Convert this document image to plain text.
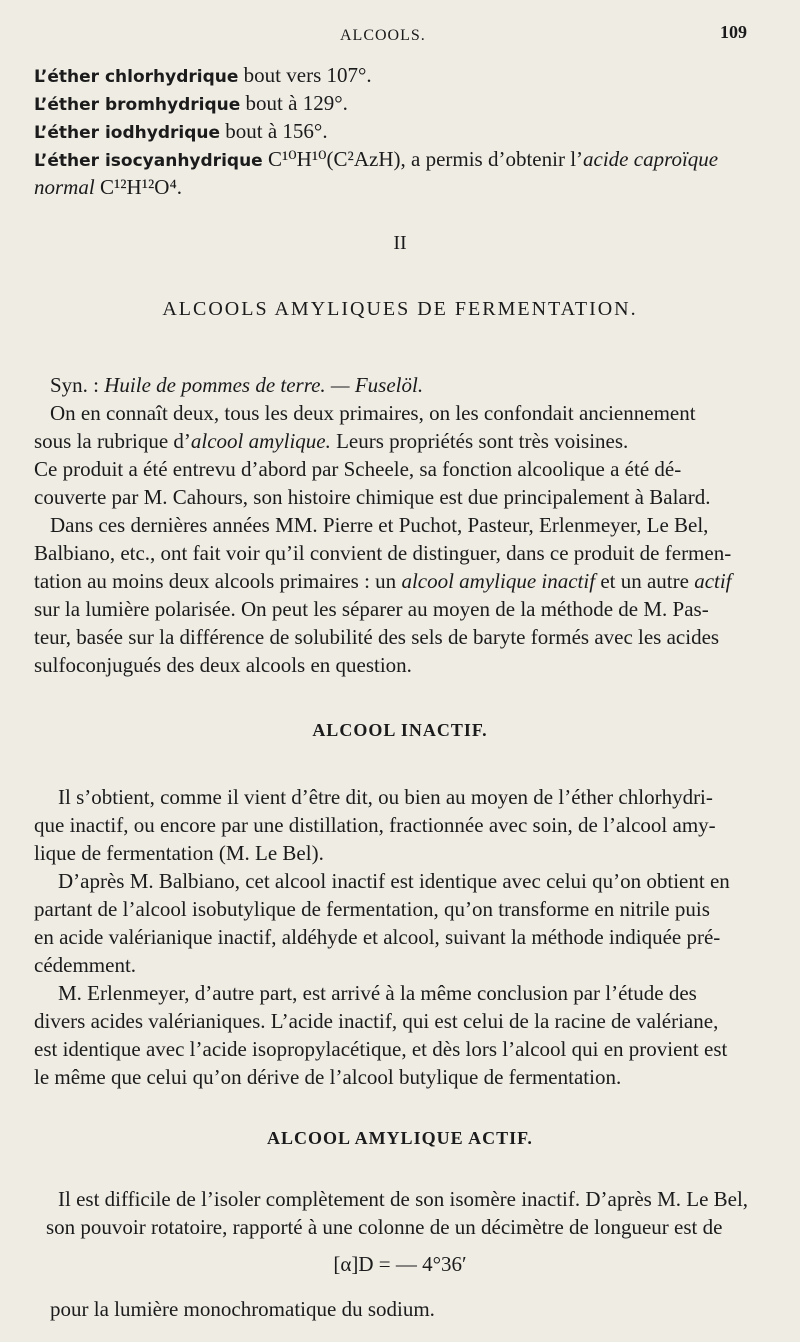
ALCOOLS.	109
L’éther chlorhydrique bout vers 107°.
L’éther bromhydrique bout à 129°.
L’éther iodhydrique bout à 156°.
L’éther isocyanhydrique C¹⁰H¹⁰(C²AzH), a permis d’obtenir l’acide caproïque
normal C¹²H¹²O⁴.
II
ALCOOLS AMYLIQUES DE FERMENTATION.
Syn. : Huile de pommes de terre. — Fuselöl.
On en connaît deux, tous les deux primaires, on les confondait anciennement
sous la rubrique d’alcool amylique. Leurs propriétés sont très voisines.
Ce produit a été entrevu d’abord par Scheele, sa fonction alcoolique a été dé-
couverte par M. Cahours, son histoire chimique est due principalement à Balard.
Dans ces dernières années MM. Pierre et Puchot, Pasteur, Erlenmeyer, Le Bel,
Balbiano, etc., ont fait voir qu’il convient de distinguer, dans ce produit de fermen-
tation au moins deux alcools primaires : un alcool amylique inactif et un autre actif
sur la lumière polarisée. On peut les séparer au moyen de la méthode de M. Pas-
teur, basée sur la différence de solubilité des sels de baryte formés avec les acides
sulfoconjugués des deux alcools en question.
ALCOOL INACTIF.
Il s’obtient, comme il vient d’être dit, ou bien au moyen de l’éther chlorhydri-
que inactif, ou encore par une distillation, fractionnée avec soin, de l’alcool amy-
lique de fermentation (M. Le Bel).
D’après M. Balbiano, cet alcool inactif est identique avec celui qu’on obtient en
partant de l’alcool isobutylique de fermentation, qu’on transforme en nitrile puis
en acide valérianique inactif, aldéhyde et alcool, suivant la méthode indiquée pré-
cédemment.
M. Erlenmeyer, d’autre part, est arrivé à la même conclusion par l’étude des
divers acides valérianiques. L’acide inactif, qui est celui de la racine de valériane,
est identique avec l’acide isopropylacétique, et dès lors l’alcool qui en provient est
le même que celui qu’on dérive de l’alcool butylique de fermentation.
ALCOOL AMYLIQUE ACTIF.
Il est difficile de l’isoler complètement de son isomère inactif. D’après M. Le Bel,
son pouvoir rotatoire, rapporté à une colonne de un décimètre de longueur est de
[α]D = — 4°36′
pour la lumière monochromatique du sodium.
